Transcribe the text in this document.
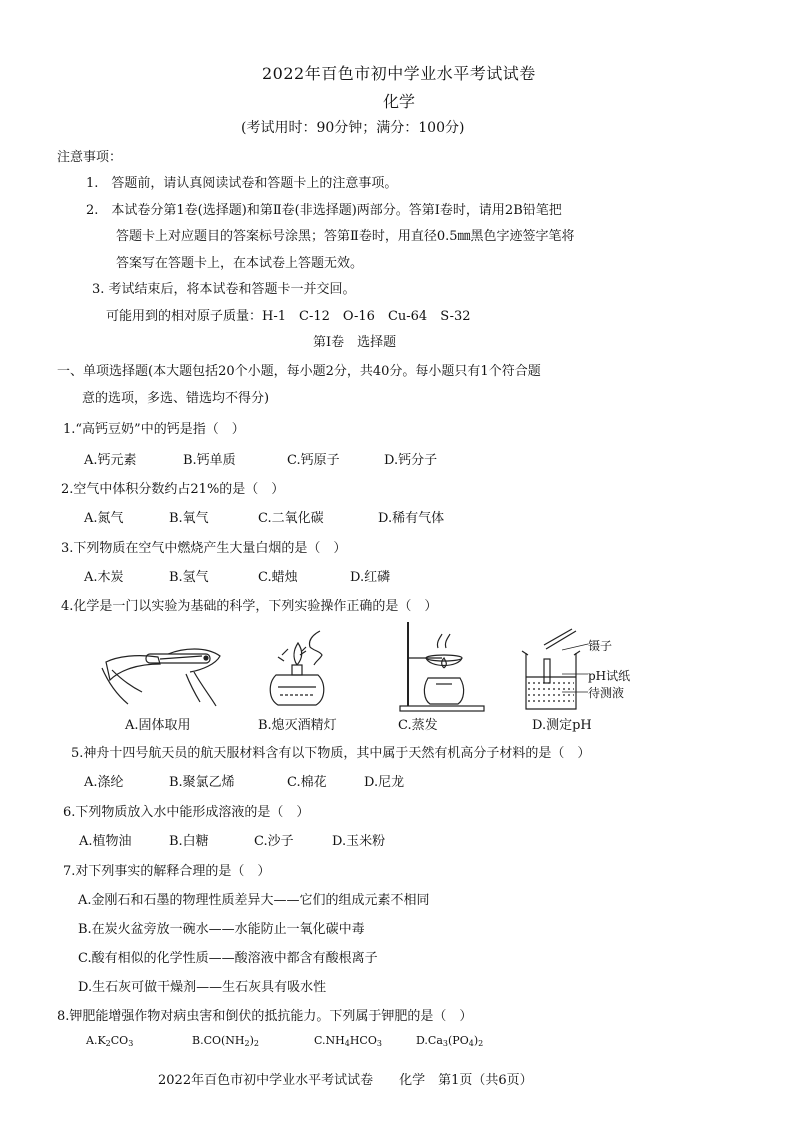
2022年百色市初中学业水平考试试卷
化学
(考试用时：90分钟；满分：100分)
注意事项：
1.　答题前，请认真阅读试卷和答题卡上的注意事项。
2.　本试卷分第1卷(选择题)和第Ⅱ卷(非选择题)两部分。答第Ⅰ卷时，请用2B铅笔把
答题卡上对应题目的答案标号涂黑；答第Ⅱ卷时，用直径0.5㎜黑色字迹签字笔将
答案写在答题卡上，在本试卷上答题无效。
3. 考试结束后，将本试卷和答题卡一并交回。
可能用到的相对原子质量：H-1　C-12　O-16　Cu-64　S-32
第Ⅰ卷　选择题
一、单项选择题(本大题包括20个小题，每小题2分，共40分。每小题只有1个符合题
意的选项，多选、错选均不得分)
1.“高钙豆奶”中的钙是指（　）
A.钙元素	B.钙单质	C.钙原子	D.钙分子
2.空气中体积分数约占21%的是（　）
A.氮气	B.氧气	C.二氧化碳	D.稀有气体
3.下列物质在空气中燃烧产生大量白烟的是（　）
A.木炭	B.氢气	C.蜡烛	D.红磷
4.化学是一门以实验为基础的科学，下列实验操作正确的是（　）
A.固体取用	B.熄灭酒精灯	C.蒸发
镊子
pH试纸
待测液
D.测定pH
5.神舟十四号航天员的航天服材料含有以下物质，其中属于天然有机高分子材料的是（　）
A.涤纶	B.聚氯乙烯	C.棉花	D.尼龙
6.下列物质放入水中能形成溶液的是（　）
A.植物油	B.白糖	C.沙子	D.玉米粉
7.对下列事实的解释合理的是（　）
A.金刚石和石墨的物理性质差异大——它们的组成元素不相同
B.在炭火盆旁放一碗水——水能防止一氧化碳中毒
C.酸有相似的化学性质——酸溶液中都含有酸根离子
D.生石灰可做干燥剂——生石灰具有吸水性
8.钾肥能增强作物对病虫害和倒伏的抵抗能力。下列属于钾肥的是（　）
$A.K_2CO_3$	$B.CO(NH_2)_2$	$C.NH_4HCO_3$	$D.Ca_3(PO_4)_2$
2022年百色市初中学业水平考试试卷　　化学　第1页（共6页）
